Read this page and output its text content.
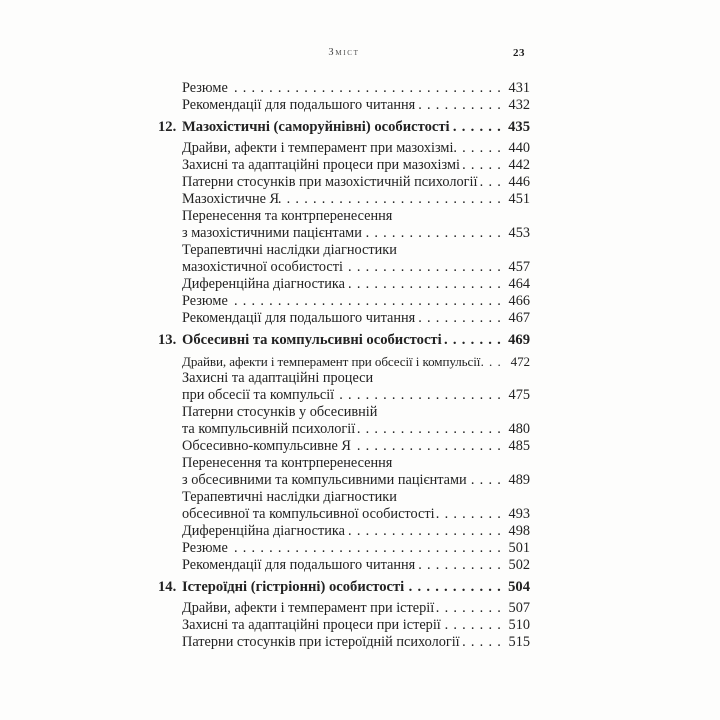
Зміст	23
Резюме .....	431
Рекомендації для подальшого читання .....	432
12. Мазохістичні (саморуйнівні) особистості .....	435
Драйви, афекти і темперамент при мазохізмі .....	440
Захисні та адаптаційні процеси при мазохізмі .....	442
Патерни стосунків при мазохістичній психології ..... 446
Мазохістичне Я .....	451
Перенесення та контрперенесення
з мазохістичними пацієнтами .....	453
Терапевтичні наслідки діагностики
мазохістичної особистості .....	457
Диференційна діагностика .....	464
Резюме .....	466
Рекомендації для подальшого читання .....	467
13. Обсесивні та компульсивні особистості .....	469
Драйви, афекти і темперамент при обсесії і компульсії ..... 472
Захисні та адаптаційні процеси
при обсесії та компульсії .....	475
Патерни стосунків у обсесивній
та компульсивній психології .....	480
Обсесивно-компульсивне Я .....	485
Перенесення та контрперенесення
з обсесивними та компульсивними пацієнтами .....	489
Терапевтичні наслідки діагностики
обсесивної та компульсивної особистості .....	493
Диференційна діагностика .....	498
Резюме .....	501
Рекомендації для подальшого читання .....	502
14. Істероїдні (гістріонні) особистості .....	504
Драйви, афекти і темперамент при істерії .....	507
Захисні та адаптаційні процеси при істерії .....	510
Патерни стосунків при істероїдній психології .....	515
